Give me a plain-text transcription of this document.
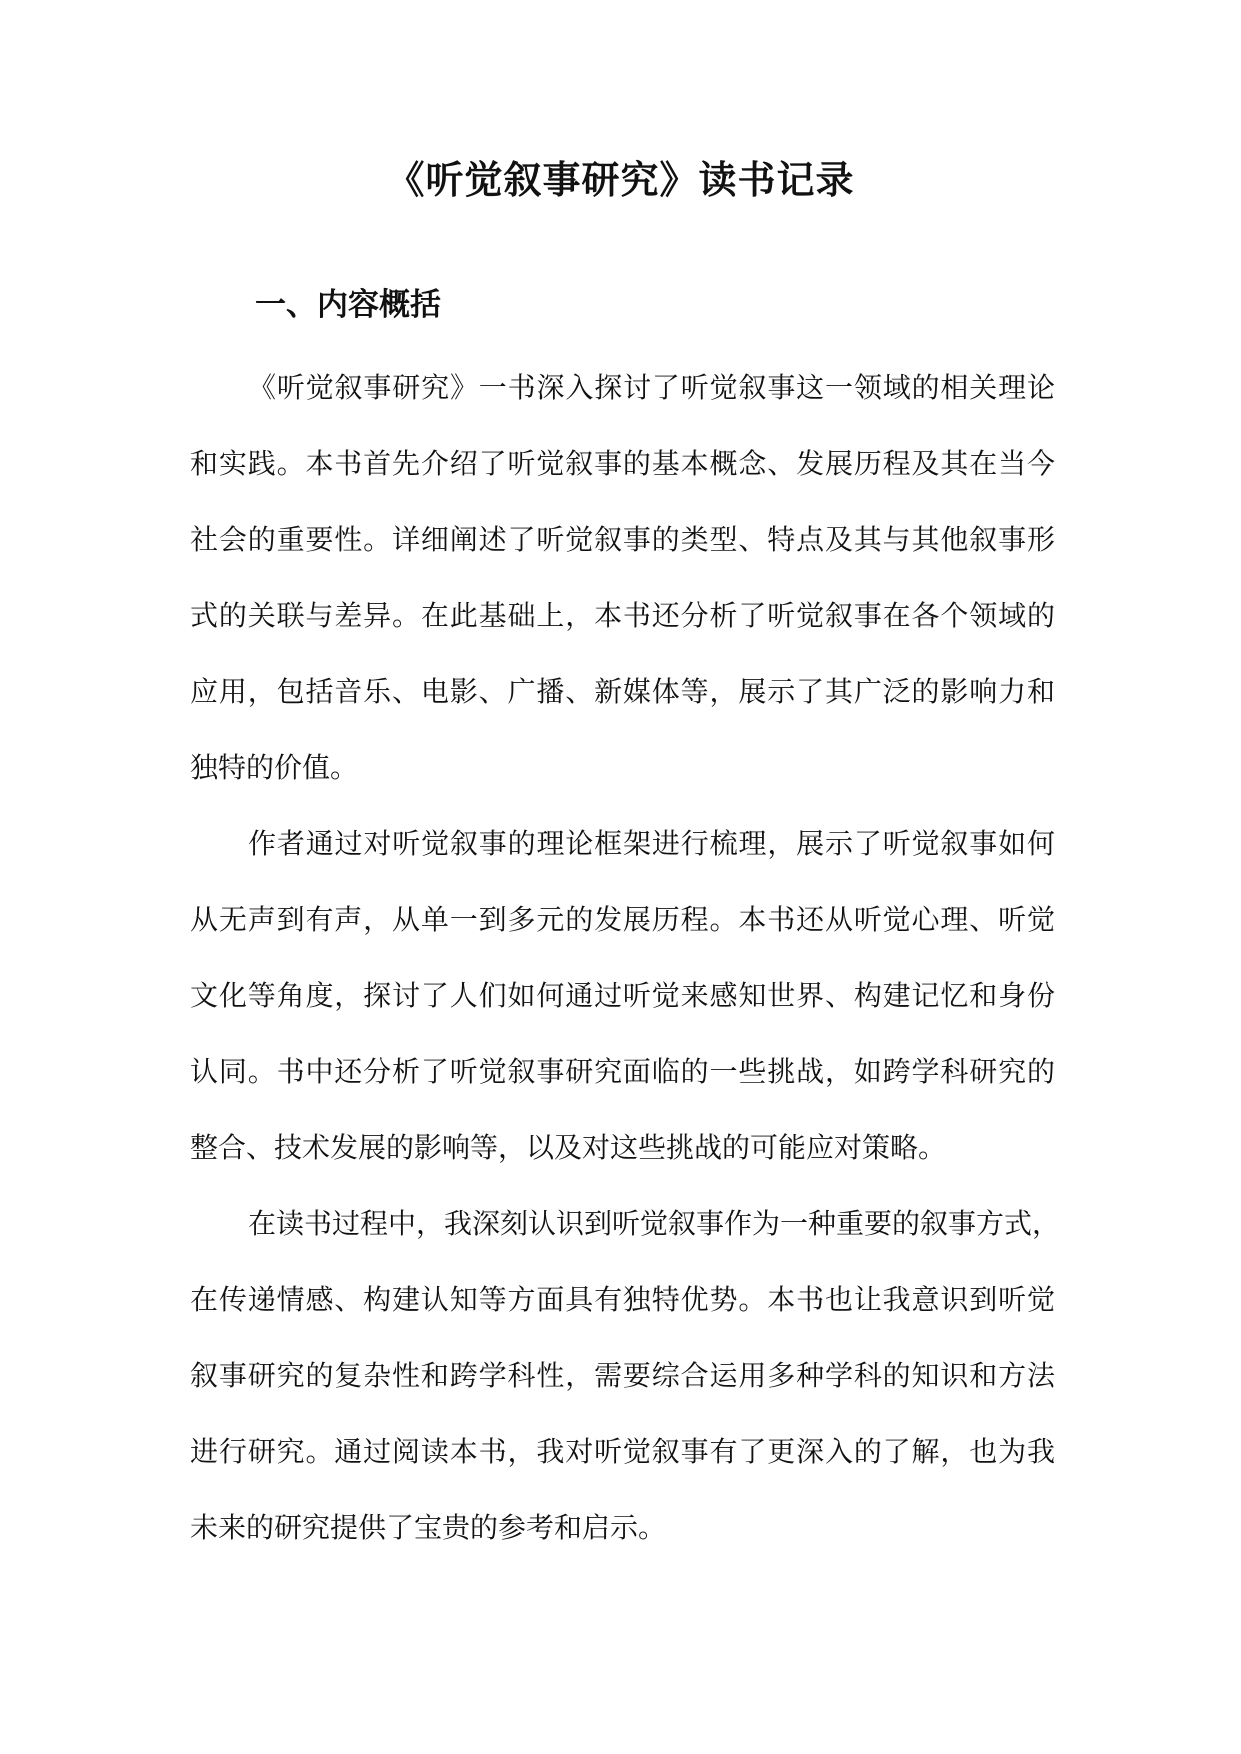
《听觉叙事研究》读书记录
一、内容概括
《听觉叙事研究》一书深入探讨了听觉叙事这一领域的相关理论
和实践。本书首先介绍了听觉叙事的基本概念、发展历程及其在当今
社会的重要性。详细阐述了听觉叙事的类型、特点及其与其他叙事形
式的关联与差异。在此基础上，本书还分析了听觉叙事在各个领域的
应用，包括音乐、电影、广播、新媒体等，展示了其广泛的影响力和
独特的价值。
作者通过对听觉叙事的理论框架进行梳理，展示了听觉叙事如何
从无声到有声，从单一到多元的发展历程。本书还从听觉心理、听觉
文化等角度，探讨了人们如何通过听觉来感知世界、构建记忆和身份
认同。书中还分析了听觉叙事研究面临的一些挑战，如跨学科研究的
整合、技术发展的影响等，以及对这些挑战的可能应对策略。
在读书过程中，我深刻认识到听觉叙事作为一种重要的叙事方式，
在传递情感、构建认知等方面具有独特优势。本书也让我意识到听觉
叙事研究的复杂性和跨学科性，需要综合运用多种学科的知识和方法
进行研究。通过阅读本书，我对听觉叙事有了更深入的了解，也为我
未来的研究提供了宝贵的参考和启示。
